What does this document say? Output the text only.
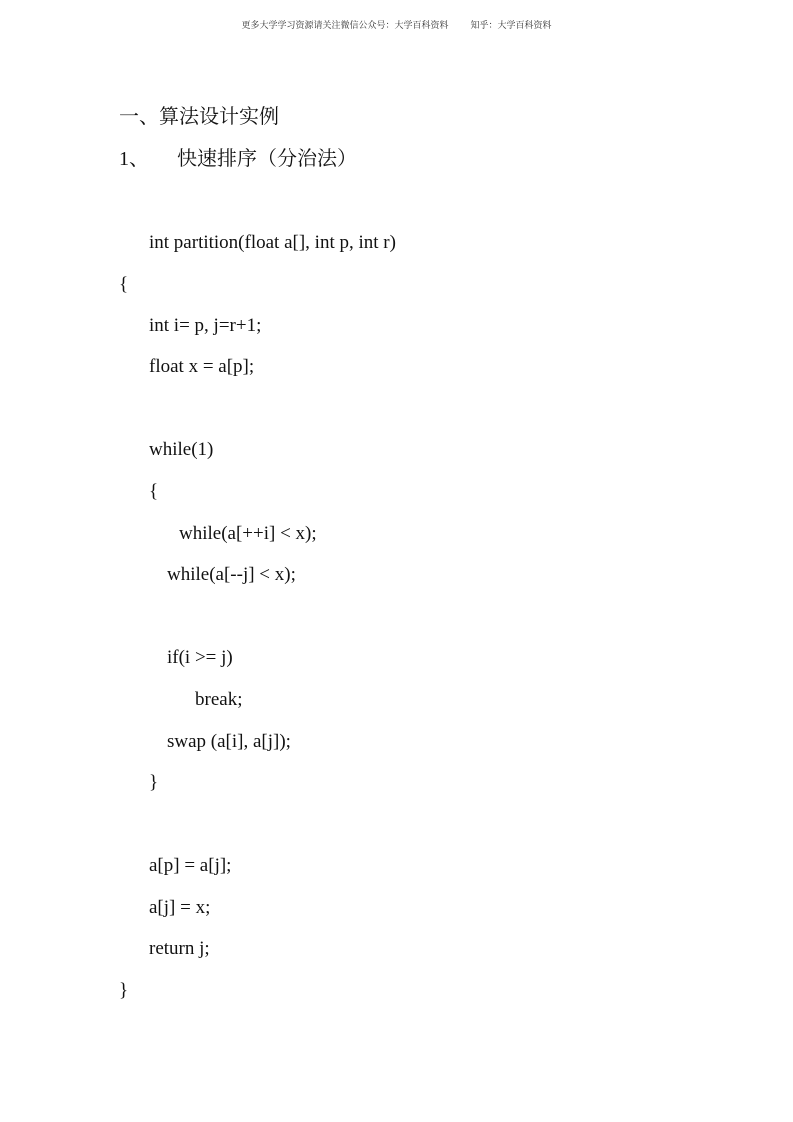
更多大学学习资源请关注微信公众号：大学百科资料 知乎：大学百科资料
一、算法设计实例
1、 快速排序（分治法）
int partition(float a[], int p, int r)
{
int i= p, j=r+1;
float x = a[p];
while(1)
{
while(a[++i] < x);
while(a[--j] < x);
if(i >= j)
break;
swap (a[i], a[j]);
}
a[p] = a[j];
a[j] = x;
return j;
}
